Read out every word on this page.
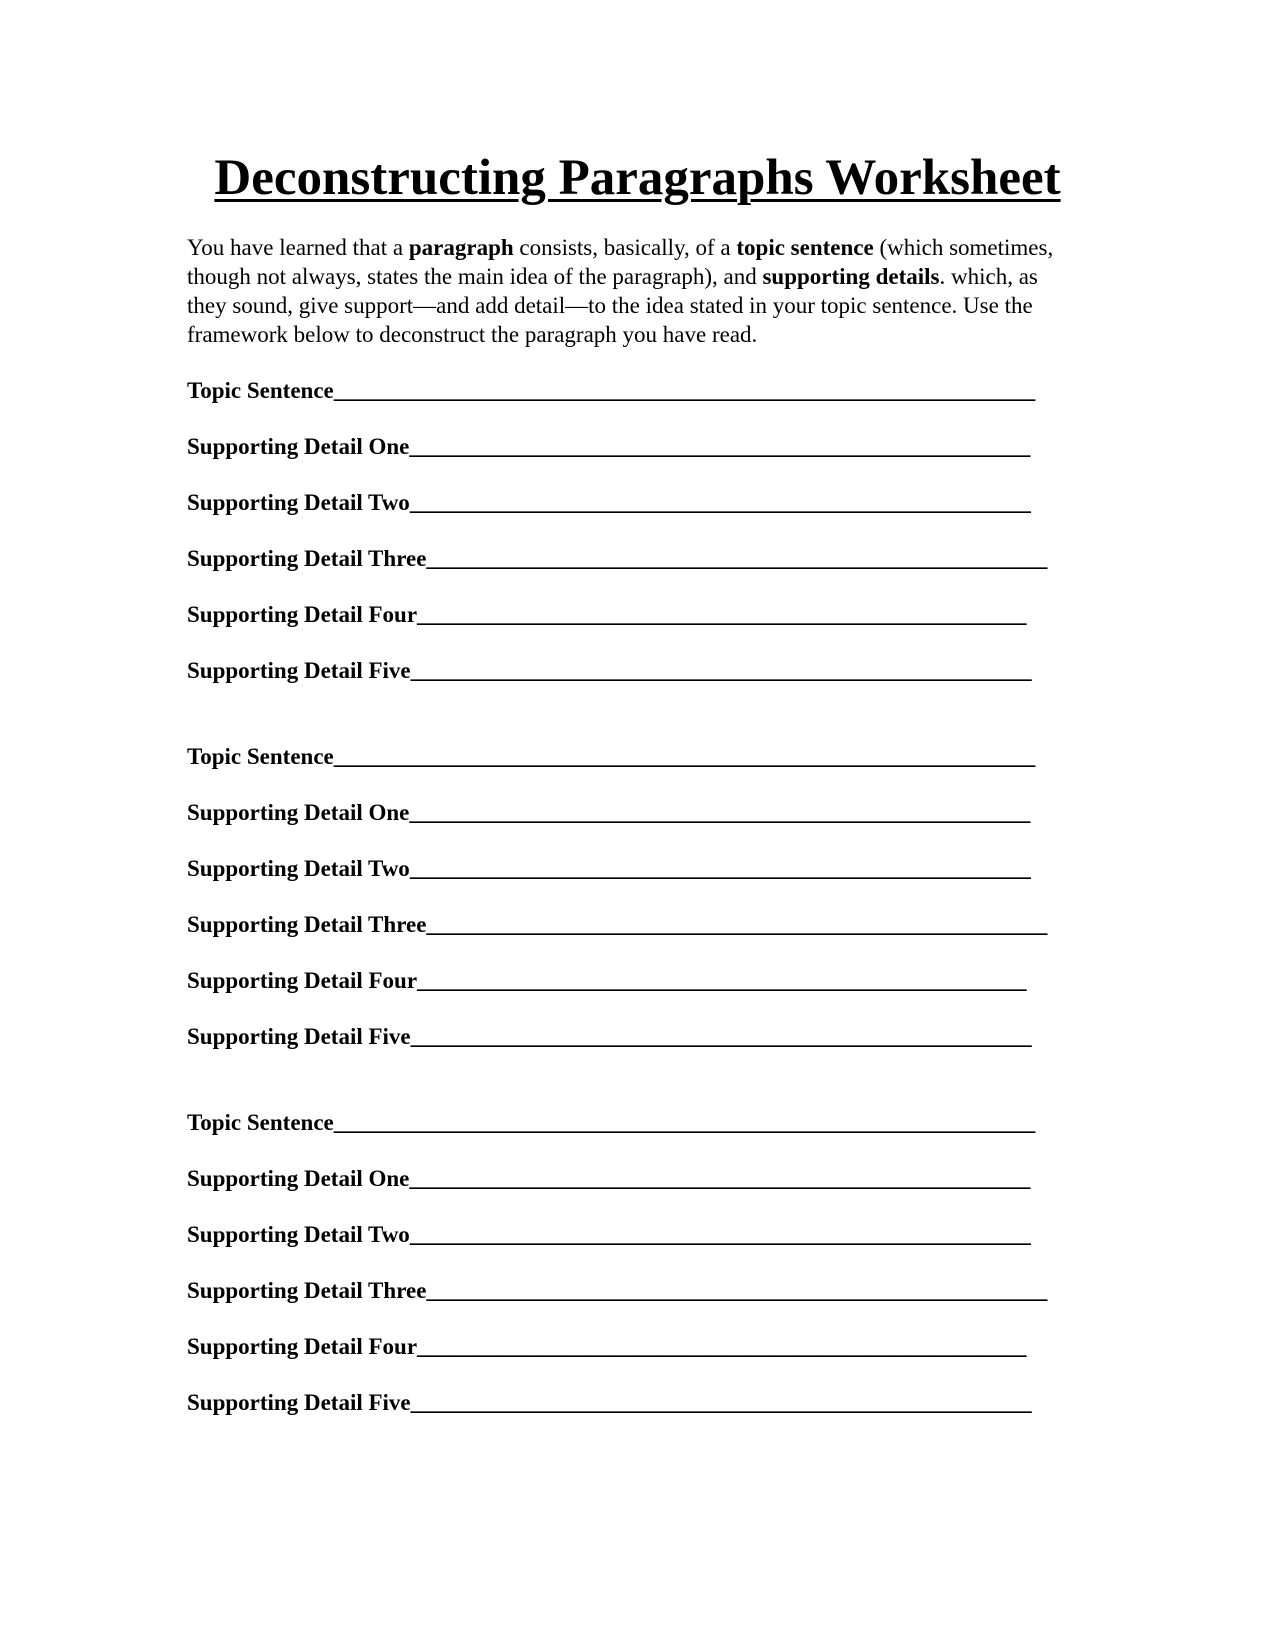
Deconstructing Paragraphs Worksheet

You have learned that a paragraph consists, basically, of a topic sentence (which sometimes, though not always, states the main idea of the paragraph), and supporting details. which, as they sound, give support—and add detail—to the idea stated in your topic sentence. Use the framework below to deconstruct the paragraph you have read.

Topic Sentence_____________________________________________________________
Supporting Detail One______________________________________________________
Supporting Detail Two______________________________________________________
Supporting Detail Three______________________________________________________
Supporting Detail Four_____________________________________________________
Supporting Detail Five______________________________________________________
Topic Sentence_____________________________________________________________
Supporting Detail One______________________________________________________
Supporting Detail Two______________________________________________________
Supporting Detail Three______________________________________________________
Supporting Detail Four_____________________________________________________
Supporting Detail Five______________________________________________________
Topic Sentence_____________________________________________________________
Supporting Detail One______________________________________________________
Supporting Detail Two______________________________________________________
Supporting Detail Three______________________________________________________
Supporting Detail Four_____________________________________________________
Supporting Detail Five______________________________________________________
